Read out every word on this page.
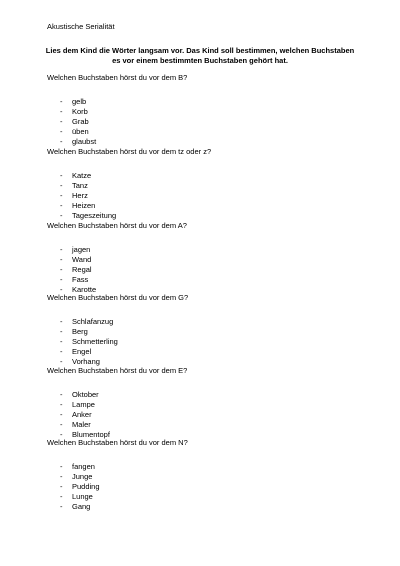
Akustische Serialität
Lies dem Kind die Wörter langsam vor. Das Kind soll bestimmen, welchen Buchstaben
es vor einem bestimmten Buchstaben gehört hat.
Welchen Buchstaben hörst du vor dem B?
- gelb
- Korb
- Grab
- üben
- glaubst
Welchen Buchstaben hörst du vor dem tz oder z?
- Katze
- Tanz
- Herz
- Heizen
- Tageszeitung
Welchen Buchstaben hörst du vor dem A?
- jagen
- Wand
- Regal
- Fass
- Karotte
Welchen Buchstaben hörst du vor dem G?
- Schlafanzug
- Berg
- Schmetterling
- Engel
- Vorhang
Welchen Buchstaben hörst du vor dem E?
- Oktober
- Lampe
- Anker
- Maler
- Blumentopf
Welchen Buchstaben hörst du vor dem N?
- fangen
- Junge
- Pudding
- Lunge
- Gang
